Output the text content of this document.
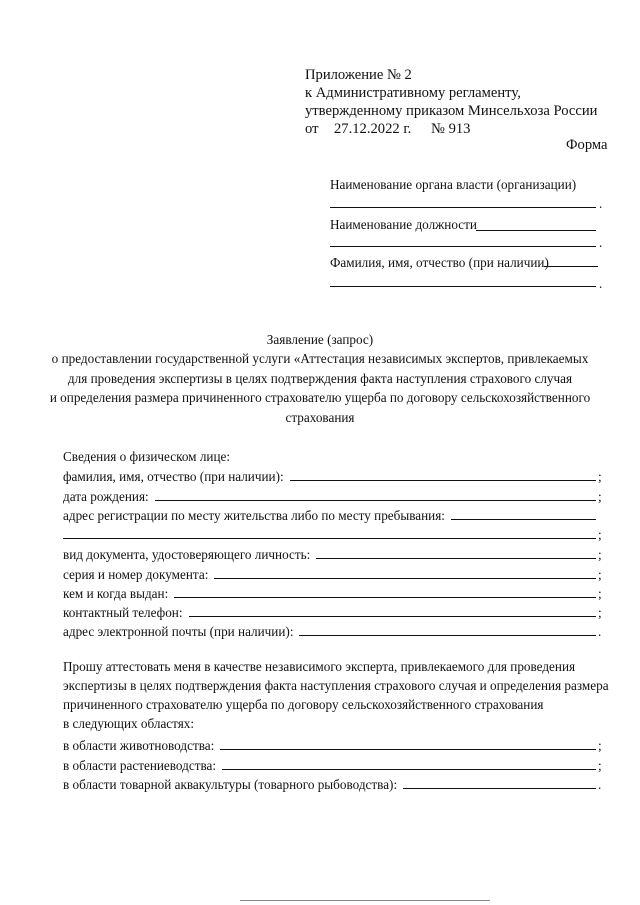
Приложение № 2
к Административному регламенту,
утвержденному приказом Минсельхоза России
от 27.12.2022 г. № 913
Форма
Наименование органа власти (организации)
.
Наименование должности
.
Фамилия, имя, отчество (при наличии)
.
Заявление (запрос)
о предоставлении государственной услуги «Аттестация независимых экспертов, привлекаемых
для проведения экспертизы в целях подтверждения факта наступления страхового случая
и определения размера причиненного страхователю ущерба по договору сельскохозяйственного
страхования
Сведения о физическом лице:
фамилия, имя, отчество (при наличии):	;
дата рождения:	;
адрес регистрации по месту жительства либо по месту пребывания:
;
вид документа, удостоверяющего личность:	;
серия и номер документа:	;
кем и когда выдан:	;
контактный телефон:	;
адрес электронной почты (при наличии):	.
Прошу аттестовать меня в качестве независимого эксперта, привлекаемого для проведения
экспертизы в целях подтверждения факта наступления страхового случая и определения размера
причиненного страхователю ущерба по договору сельскохозяйственного страхования
в следующих областях:
в области животноводства:	;
в области растениеводства:	;
в области товарной аквакультуры (товарного рыбоводства):	.
